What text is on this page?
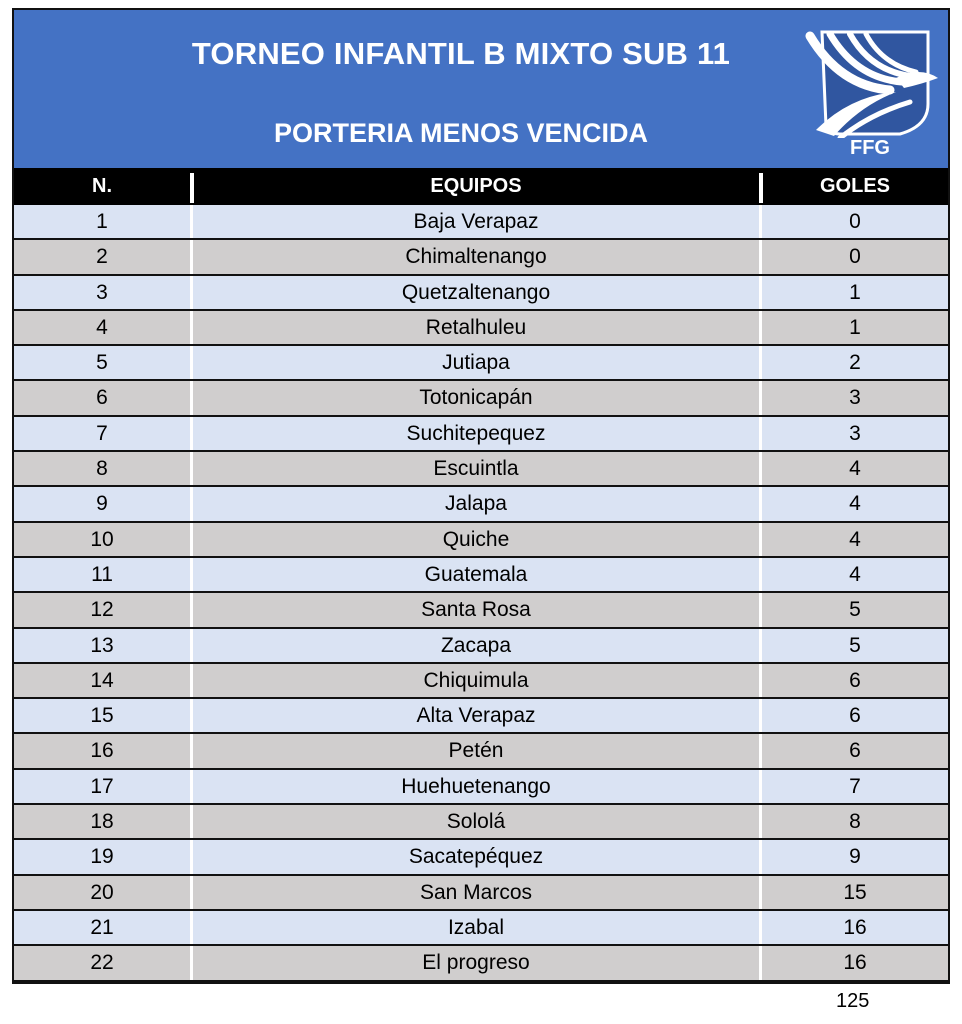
TORNEO INFANTIL B MIXTO SUB 11
PORTERIA MENOS VENCIDA	FFG
N.	EQUIPOS	GOLES
1	Baja Verapaz	0
2	Chimaltenango	0
3	Quetzaltenango	1
4	Retalhuleu	1
5	Jutiapa	2
6	Totonicapán	3
7	Suchitepequez	3
8	Escuintla	4
9	Jalapa	4
10	Quiche	4
11	Guatemala	4
12	Santa Rosa	5
13	Zacapa	5
14	Chiquimula	6
15	Alta Verapaz	6
16	Petén	6
17	Huehuetenango	7
18	Sololá	8
19	Sacatepéquez	9
20	San Marcos	15
21	Izabal	16
22	El progreso	16
125
